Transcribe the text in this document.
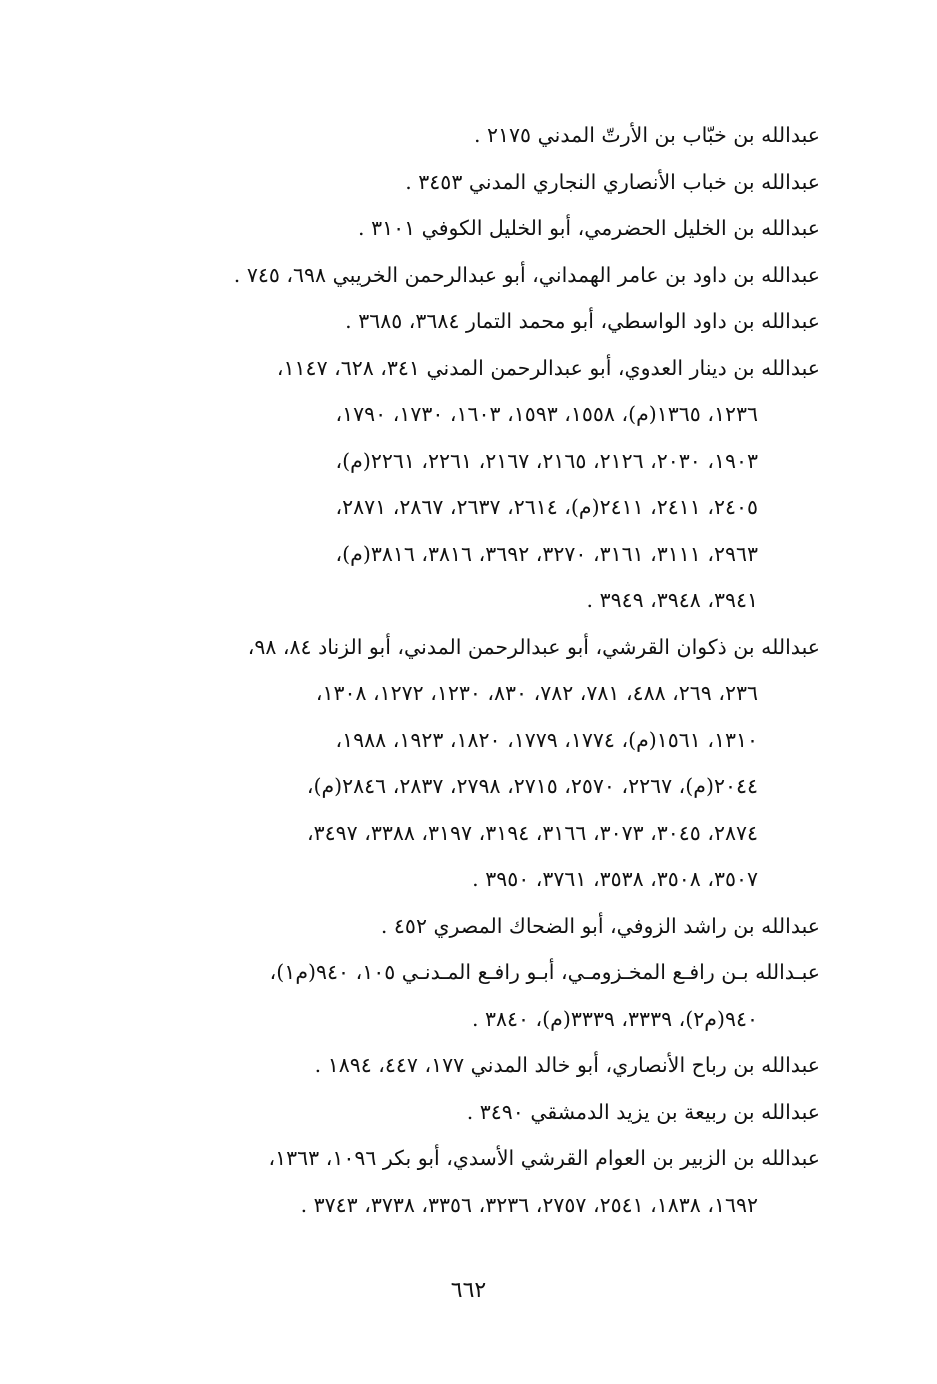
عبدالله بن خبّاب بن الأرتّ المدني ٢١٧٥ .
عبدالله بن خباب الأنصاري النجاري المدني ٣٤٥٣ .
عبدالله بن الخليل الحضرمي، أبو الخليل الكوفي ٣١٠١ .
عبدالله بن داود بن عامر الهمداني، أبو عبدالرحمن الخريبي ٦٩٨، ٧٤٥ .
عبدالله بن داود الواسطي، أبو محمد التمار ٣٦٨٤، ٣٦٨٥ .
عبدالله بن دينار العدوي، أبو عبدالرحمن المدني ٣٤١، ٦٢٨، ١١٤٧،
١٢٣٦، ١٣٦٥(م)، ١٥٥٨، ١٥٩٣، ١٦٠٣، ١٧٣٠، ١٧٩٠،
١٩٠٣، ٢٠٣٠، ٢١٢٦، ٢١٦٥، ٢١٦٧، ٢٢٦١، ٢٢٦١(م)،
٢٤٠٥، ٢٤١١، ٢٤١١(م)، ٢٦١٤، ٢٦٣٧، ٢٨٦٧، ٢٨٧١،
٢٩٦٣، ٣١١١، ٣١٦١، ٣٢٧٠، ٣٦٩٢، ٣٨١٦، ٣٨١٦(م)،
٣٩٤١، ٣٩٤٨، ٣٩٤٩ .
عبدالله بن ذكوان القرشي، أبو عبدالرحمن المدني، أبو الزناد ٨٤، ٩٨،
٢٣٦، ٢٦٩، ٤٨٨، ٧٨١، ٧٨٢، ٨٣٠، ١٢٣٠، ١٢٧٢، ١٣٠٨،
١٣١٠، ١٥٦١(م)، ١٧٧٤، ١٧٧٩، ١٨٢٠، ١٩٢٣، ١٩٨٨،
٢٠٤٤(م)، ٢٢٦٧، ٢٥٧٠، ٢٧١٥، ٢٧٩٨، ٢٨٣٧، ٢٨٤٦(م)،
٢٨٧٤، ٣٠٤٥، ٣٠٧٣، ٣١٦٦، ٣١٩٤، ٣١٩٧، ٣٣٨٨، ٣٤٩٧،
٣٥٠٧، ٣٥٠٨، ٣٥٣٨، ٣٧٦١، ٣٩٥٠ .
عبدالله بن راشد الزوفي، أبو الضحاك المصري ٤٥٢ .
عبـدالله بـن رافـع المخـزومـي، أبـو رافـع المـدنـي ١٠٥، ٩٤٠(م١)،
٩٤٠(م٢)، ٣٣٣٩، ٣٣٣٩(م)، ٣٨٤٠ .
عبدالله بن رباح الأنصاري، أبو خالد المدني ١٧٧، ٤٤٧، ١٨٩٤ .
عبدالله بن ربيعة بن يزيد الدمشقي ٣٤٩٠ .
عبدالله بن الزبير بن العوام القرشي الأسدي، أبو بكر ١٠٩٦، ١٣٦٣،
١٦٩٢، ١٨٣٨، ٢٥٤١، ٢٧٥٧، ٣٢٣٦، ٣٣٥٦، ٣٧٣٨، ٣٧٤٣ .
٦٦٢
